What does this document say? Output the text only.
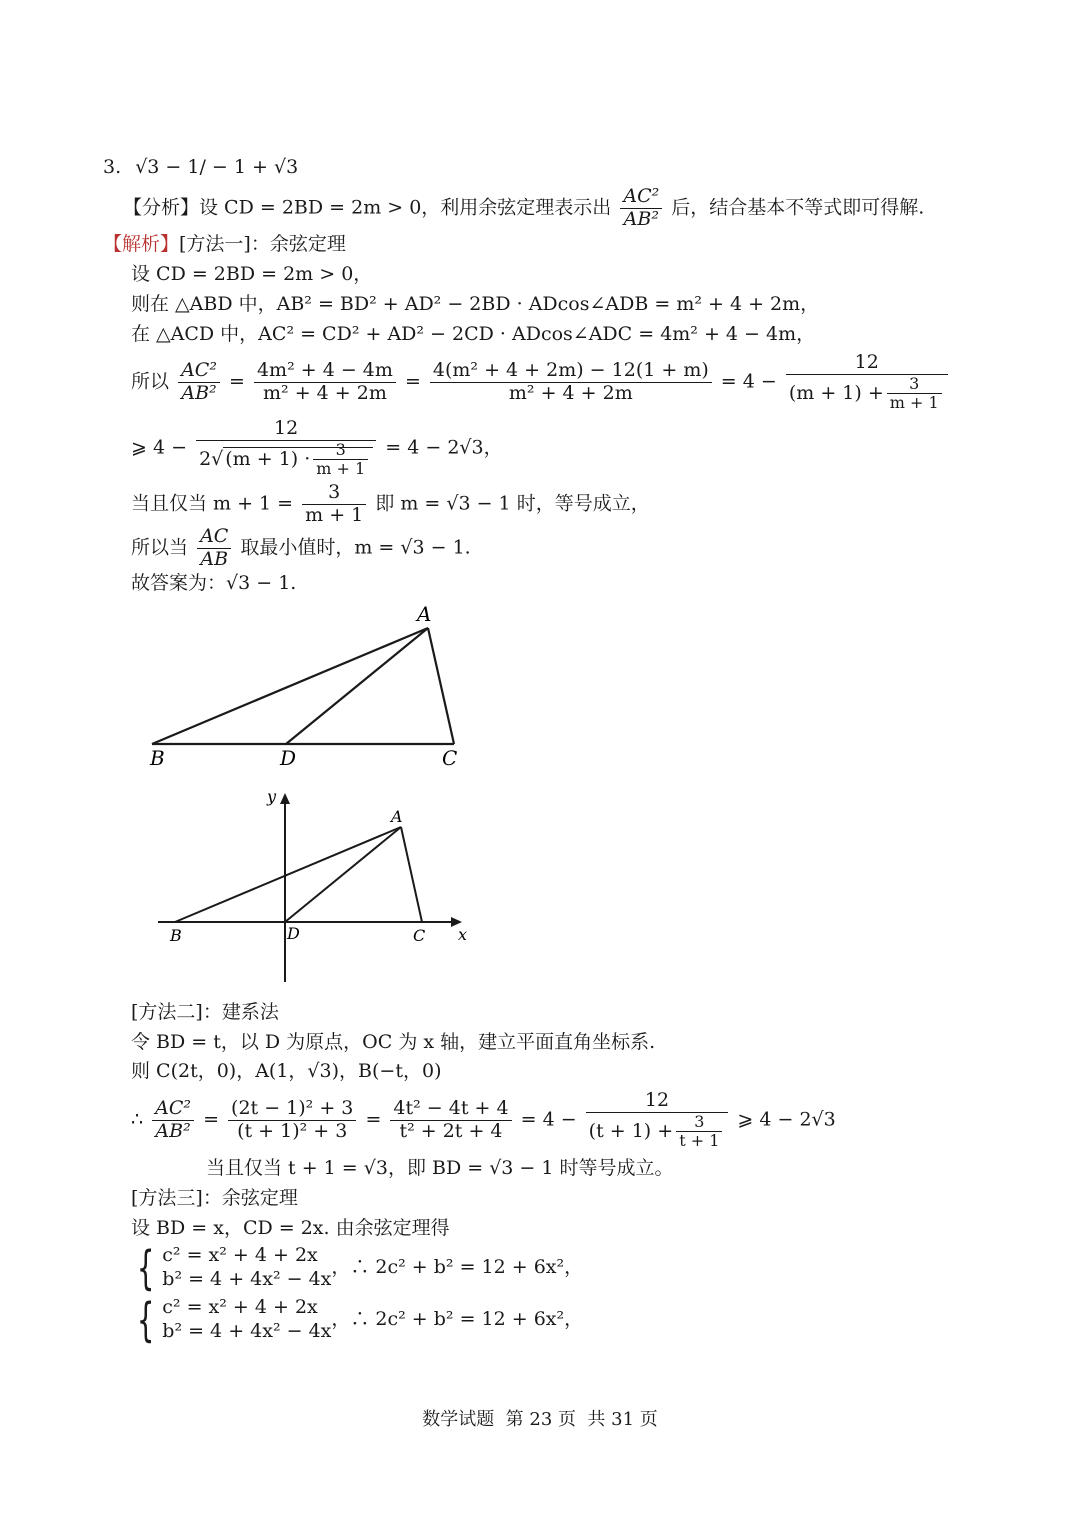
3. √3 − 1/ − 1 + √3
【分析】设 CD = 2BD = 2m > 0，利用余弦定理表示出 $\frac{\text{AC²}}{\text{AB²}}$ 后，结合基本不等式即可得解.
【解析】[方法一]：余弦定理
设 CD = 2BD = 2m > 0，
则在 △ABD 中，AB² = BD² + AD² − 2BD · ADcos∠ADB = m² + 4 + 2m，
在 △ACD 中，AC² = CD² + AD² − 2CD · ADcos∠ADC = 4m² + 4 − 4m，
所以 $\frac{\text{AC²}}{\text{AB²}} = \frac{\text{4m² + 4 − 4m}}{\text{m² + 4 + 2m}} = \frac{\text{4(m² + 4 + 2m) − 12(1 + m)}}{\text{m² + 4 + 2m}} = 4 - \frac{12}{(m + 1) + \frac{3}{m + 1}}$
⩾ $4 - \frac{12}{2√ (m + 1) \cdot \frac{3}{m + 1}} = 4 - 2√3$，
当且仅当 $m + 1 = \frac{3}{m + 1}$ 即 m = √3 − 1 时，等号成立，
所以当 $\frac{AC}{AB}$ 取最小值时，m = √3 − 1.
故答案为：√3 − 1.
A
B	D	C
A
B	D	C x
y
[方法二]：建系法
令 BD = t，以 D 为原点，OC 为 x 轴，建立平面直角坐标系.
则 C(2t，0)，A(1，√3)，B(−t，0)
∴ $\frac{\text{AC²}}{\text{AB²}} = \frac{\text{(2t − 1)² + 3}}{\text{(t + 1)² + 3}} = \frac{\text{4t² − 4t + 4}}{\text{t² + 2t + 4}} = 4 - \frac{12}{(t + 1) + \frac{3}{t + 1}}$ ⩾ 4 − 2√3
当且仅当 t + 1 = √3，即 BD = √3 − 1 时等号成立。
[方法三]：余弦定理
设 BD = x，CD = 2x. 由余弦定理得
{ c² = x² + 4 + 2x
b² = 4 + 4x² − 4x
，∴ 2c² + b² = 12 + 6x²，
{ c² = x² + 4 + 2x
b² = 4 + 4x² − 4x
，∴ 2c² + b² = 12 + 6x²，
数学试题  第 23 页  共 31 页
